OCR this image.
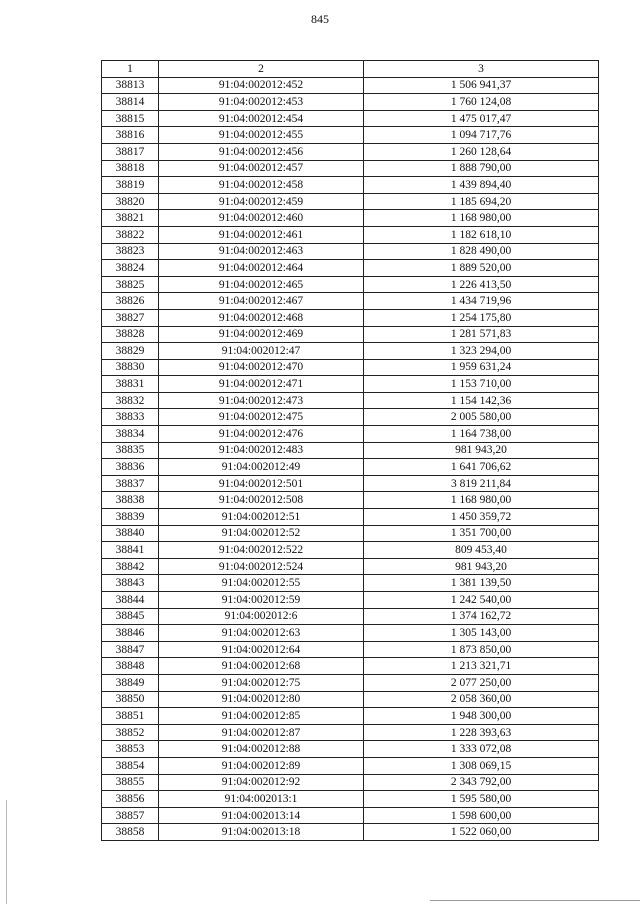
845
1	2	3
38813	91:04:002012:452	1 506 941,37
38814	91:04:002012:453	1 760 124,08
38815	91:04:002012:454	1 475 017,47
38816	91:04:002012:455	1 094 717,76
38817	91:04:002012:456	1 260 128,64
38818	91:04:002012:457	1 888 790,00
38819	91:04:002012:458	1 439 894,40
38820	91:04:002012:459	1 185 694,20
38821	91:04:002012:460	1 168 980,00
38822	91:04:002012:461	1 182 618,10
38823	91:04:002012:463	1 828 490,00
38824	91:04:002012:464	1 889 520,00
38825	91:04:002012:465	1 226 413,50
38826	91:04:002012:467	1 434 719,96
38827	91:04:002012:468	1 254 175,80
38828	91:04:002012:469	1 281 571,83
38829	91:04:002012:47	1 323 294,00
38830	91:04:002012:470	1 959 631,24
38831	91:04:002012:471	1 153 710,00
38832	91:04:002012:473	1 154 142,36
38833	91:04:002012:475	2 005 580,00
38834	91:04:002012:476	1 164 738,00
38835	91:04:002012:483	981 943,20
38836	91:04:002012:49	1 641 706,62
38837	91:04:002012:501	3 819 211,84
38838	91:04:002012:508	1 168 980,00
38839	91:04:002012:51	1 450 359,72
38840	91:04:002012:52	1 351 700,00
38841	91:04:002012:522	809 453,40
38842	91:04:002012:524	981 943,20
38843	91:04:002012:55	1 381 139,50
38844	91:04:002012:59	1 242 540,00
38845	91:04:002012:6	1 374 162,72
38846	91:04:002012:63	1 305 143,00
38847	91:04:002012:64	1 873 850,00
38848	91:04:002012:68	1 213 321,71
38849	91:04:002012:75	2 077 250,00
38850	91:04:002012:80	2 058 360,00
38851	91:04:002012:85	1 948 300,00
38852	91:04:002012:87	1 228 393,63
38853	91:04:002012:88	1 333 072,08
38854	91:04:002012:89	1 308 069,15
38855	91:04:002012:92	2 343 792,00
38856	91:04:002013:1	1 595 580,00
38857	91:04:002013:14	1 598 600,00
38858	91:04:002013:18	1 522 060,00
